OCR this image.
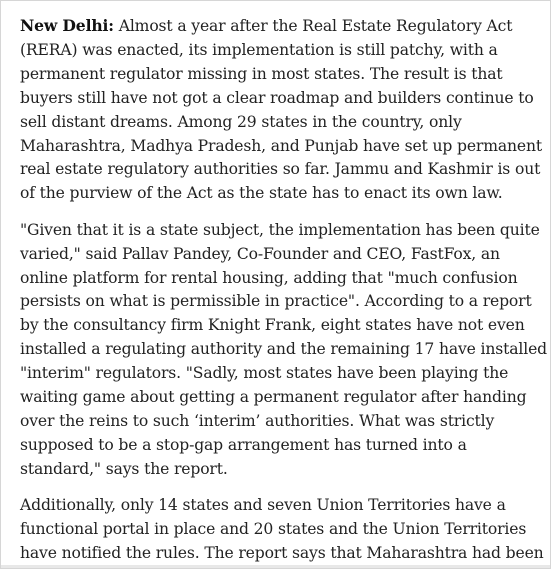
New Delhi: Almost a year after the Real Estate Regulatory Act (RERA) was enacted, its implementation is still patchy, with a permanent regulator missing in most states. The result is that buyers still have not got a clear roadmap and builders continue to sell distant dreams. Among 29 states in the country, only Maharashtra, Madhya Pradesh, and Punjab have set up permanent real estate regulatory authorities so far. Jammu and Kashmir is out of the purview of the Act as the state has to enact its own law.

"Given that it is a state subject, the implementation has been quite varied," said Pallav Pandey, Co-Founder and CEO, FastFox, an online platform for rental housing, adding that "much confusion persists on what is permissible in practice". According to a report by the consultancy firm Knight Frank, eight states have not even installed a regulating authority and the remaining 17 have installed "interim" regulators. "Sadly, most states have been playing the waiting game about getting a permanent regulator after handing over the reins to such ‘interim’ authorities. What was strictly supposed to be a stop-gap arrangement has turned into a standard," says the report.

Additionally, only 14 states and seven Union Territories have a functional portal in place and 20 states and the Union Territories have notified the rules. The report says that Maharashtra had been
